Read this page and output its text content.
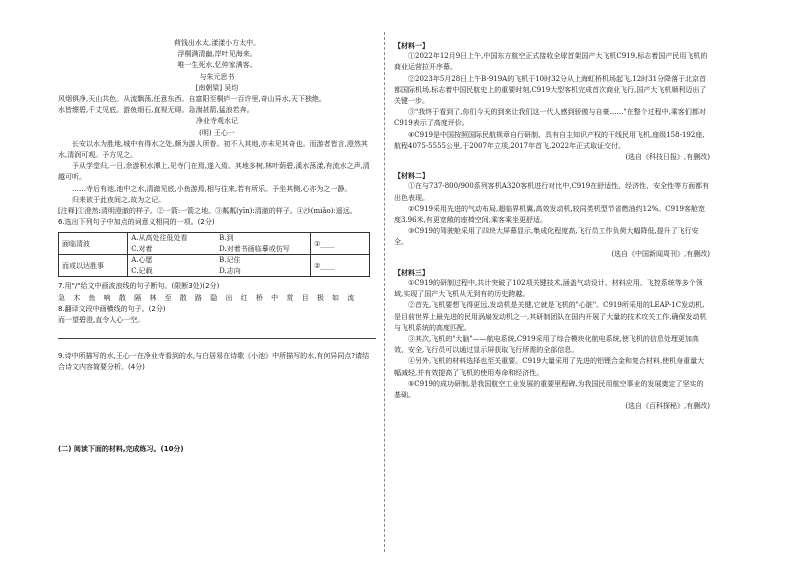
荷钱出水太,漾漾小方太中。

浮桐满清幽,岸叶见海来。

唯一生死水,忆仲家满客。

与朱元思书

[南朝梁] 吴均

风烟俱净,天山共色。从流飘荡,任意东西。自富阳至桐庐一百许里,奇山异水,天下独绝。

水皆缥碧,千丈见底。游鱼细石,直视无碍。急湍甚箭,猛浪若奔。

净业寺观水记

(明) 王心一

长安以水为胜地,城中有得水之处,颇为游人所眷。初不入其地,亦未见其奇也。而游者皆言,澄然其水,清润可观。予方见之。

予从学堂归,一日,余游积水潭上,见寺门在焉,遂入焉。其地多树,林叶荫碧,溪水荡漾,有流水之声,清越可听。

……寺后有池,池中之水,清澈见底,小鱼游焉,相与往来,若有所乐。予坐其侧,心亦为之一静。

归来欲于此夜间之,故为之记。

[注释]①澄然:清明澄澈的样子。②一箭:一箭之地。③粼粼(yīn):清澈的样子。④沙(miǎo):遥远。

6.选出下列句子中加点的词意义相同的一项。(2分)

面临清波	A.从高处往低处看 B.到
C.对着 D.对着书画临摹或仿写	①____
而或以达胜事	A.心愿 B.记住
C.记载 D.志向	②____

7.用"/"给文中画波浪线的句子断句。(限断3处)(2分)

急 木 鱼 响 散 隔 林 至 散 路 隐 出 红 桥 中 赏 目 极 如 流

8.翻译文段中画横线的句子。(2分)

而一望碧澄,直令人心一空。

9.诗中所描写的水,王心一在净业寺看到的水,与白居易在诗歌《小池》中所描写的水,有何异同点?请结合诗文内容简要分析。(4分)

(二) 阅读下面的材料,完成练习。(10分)

【材料一】

①2022年12月9日上午,中国东方航空正式接收全球首架国产大飞机C919,标志着国产民用飞机的商业运营拉开序幕。

②2023年5月28日上午B-919A的飞机于10时32分从上海虹桥机场起飞,12时31分降落于北京首都国际机场,标志着中国民航史上的重要时刻,C919大型客机完成首次商业飞行,国产大飞机顺利迈出了关键一步。

③"我终于看到了,你们今天的到来让我们这一代人感到骄傲与自豪……"在整个过程中,乘客们都对C919表示了高度评价。

④C919是中国按照国际民航规章自行研制、具有自主知识产权的干线民用飞机,座级158-192座,航程4075-5555公里,于2007年立项,2017年首飞,2022年正式取证交付。

(选自《科技日报》,有删改)

【材料二】

①在与737-800/900系列客机A320客机进行对比中,C919在舒适性、经济性、安全性等方面都有出色表现。

②C919采用先进的气动布局,超临界机翼,高效发动机,较同类机型节省燃油约12%。C919客舱宽度3.96米,有更宽敞的座椅空间,乘客乘坐更舒适。

③C919的驾驶舱采用了四块大屏幕显示,集成化程度高,飞行员工作负荷大幅降低,提升了飞行安全。

(选自《中国新闻周刊》,有删改)

【材料三】

①C919的研制过程中,共计突破了102项关键技术,涵盖气动设计、材料应用、飞控系统等多个领域,实现了国产大飞机从无到有的历史跨越。

②首先,飞机要想飞得更远,发动机是关键,它就是飞机的"心脏"。C919所采用的LEAP-1C发动机,是目前世界上最先进的民用涡扇发动机之一,其研制团队在国内开展了大量的技术攻关工作,确保发动机与飞机系统的高度匹配。

③其次,飞机的"大脑"——航电系统,C919采用了综合模块化航电系统,使飞机的信息处理更加高效、安全,飞行员可以通过显示屏获取飞行所需的全部信息。

④另外,飞机的材料选择也至关重要。C919大量采用了先进的铝锂合金和复合材料,使机身重量大幅减轻,并有效提高了飞机的使用寿命和经济性。

⑤C919的成功研制,是我国航空工业发展的重要里程碑,为我国民用航空事业的发展奠定了坚实的基础。

(选自《百科探秘》,有删改)
